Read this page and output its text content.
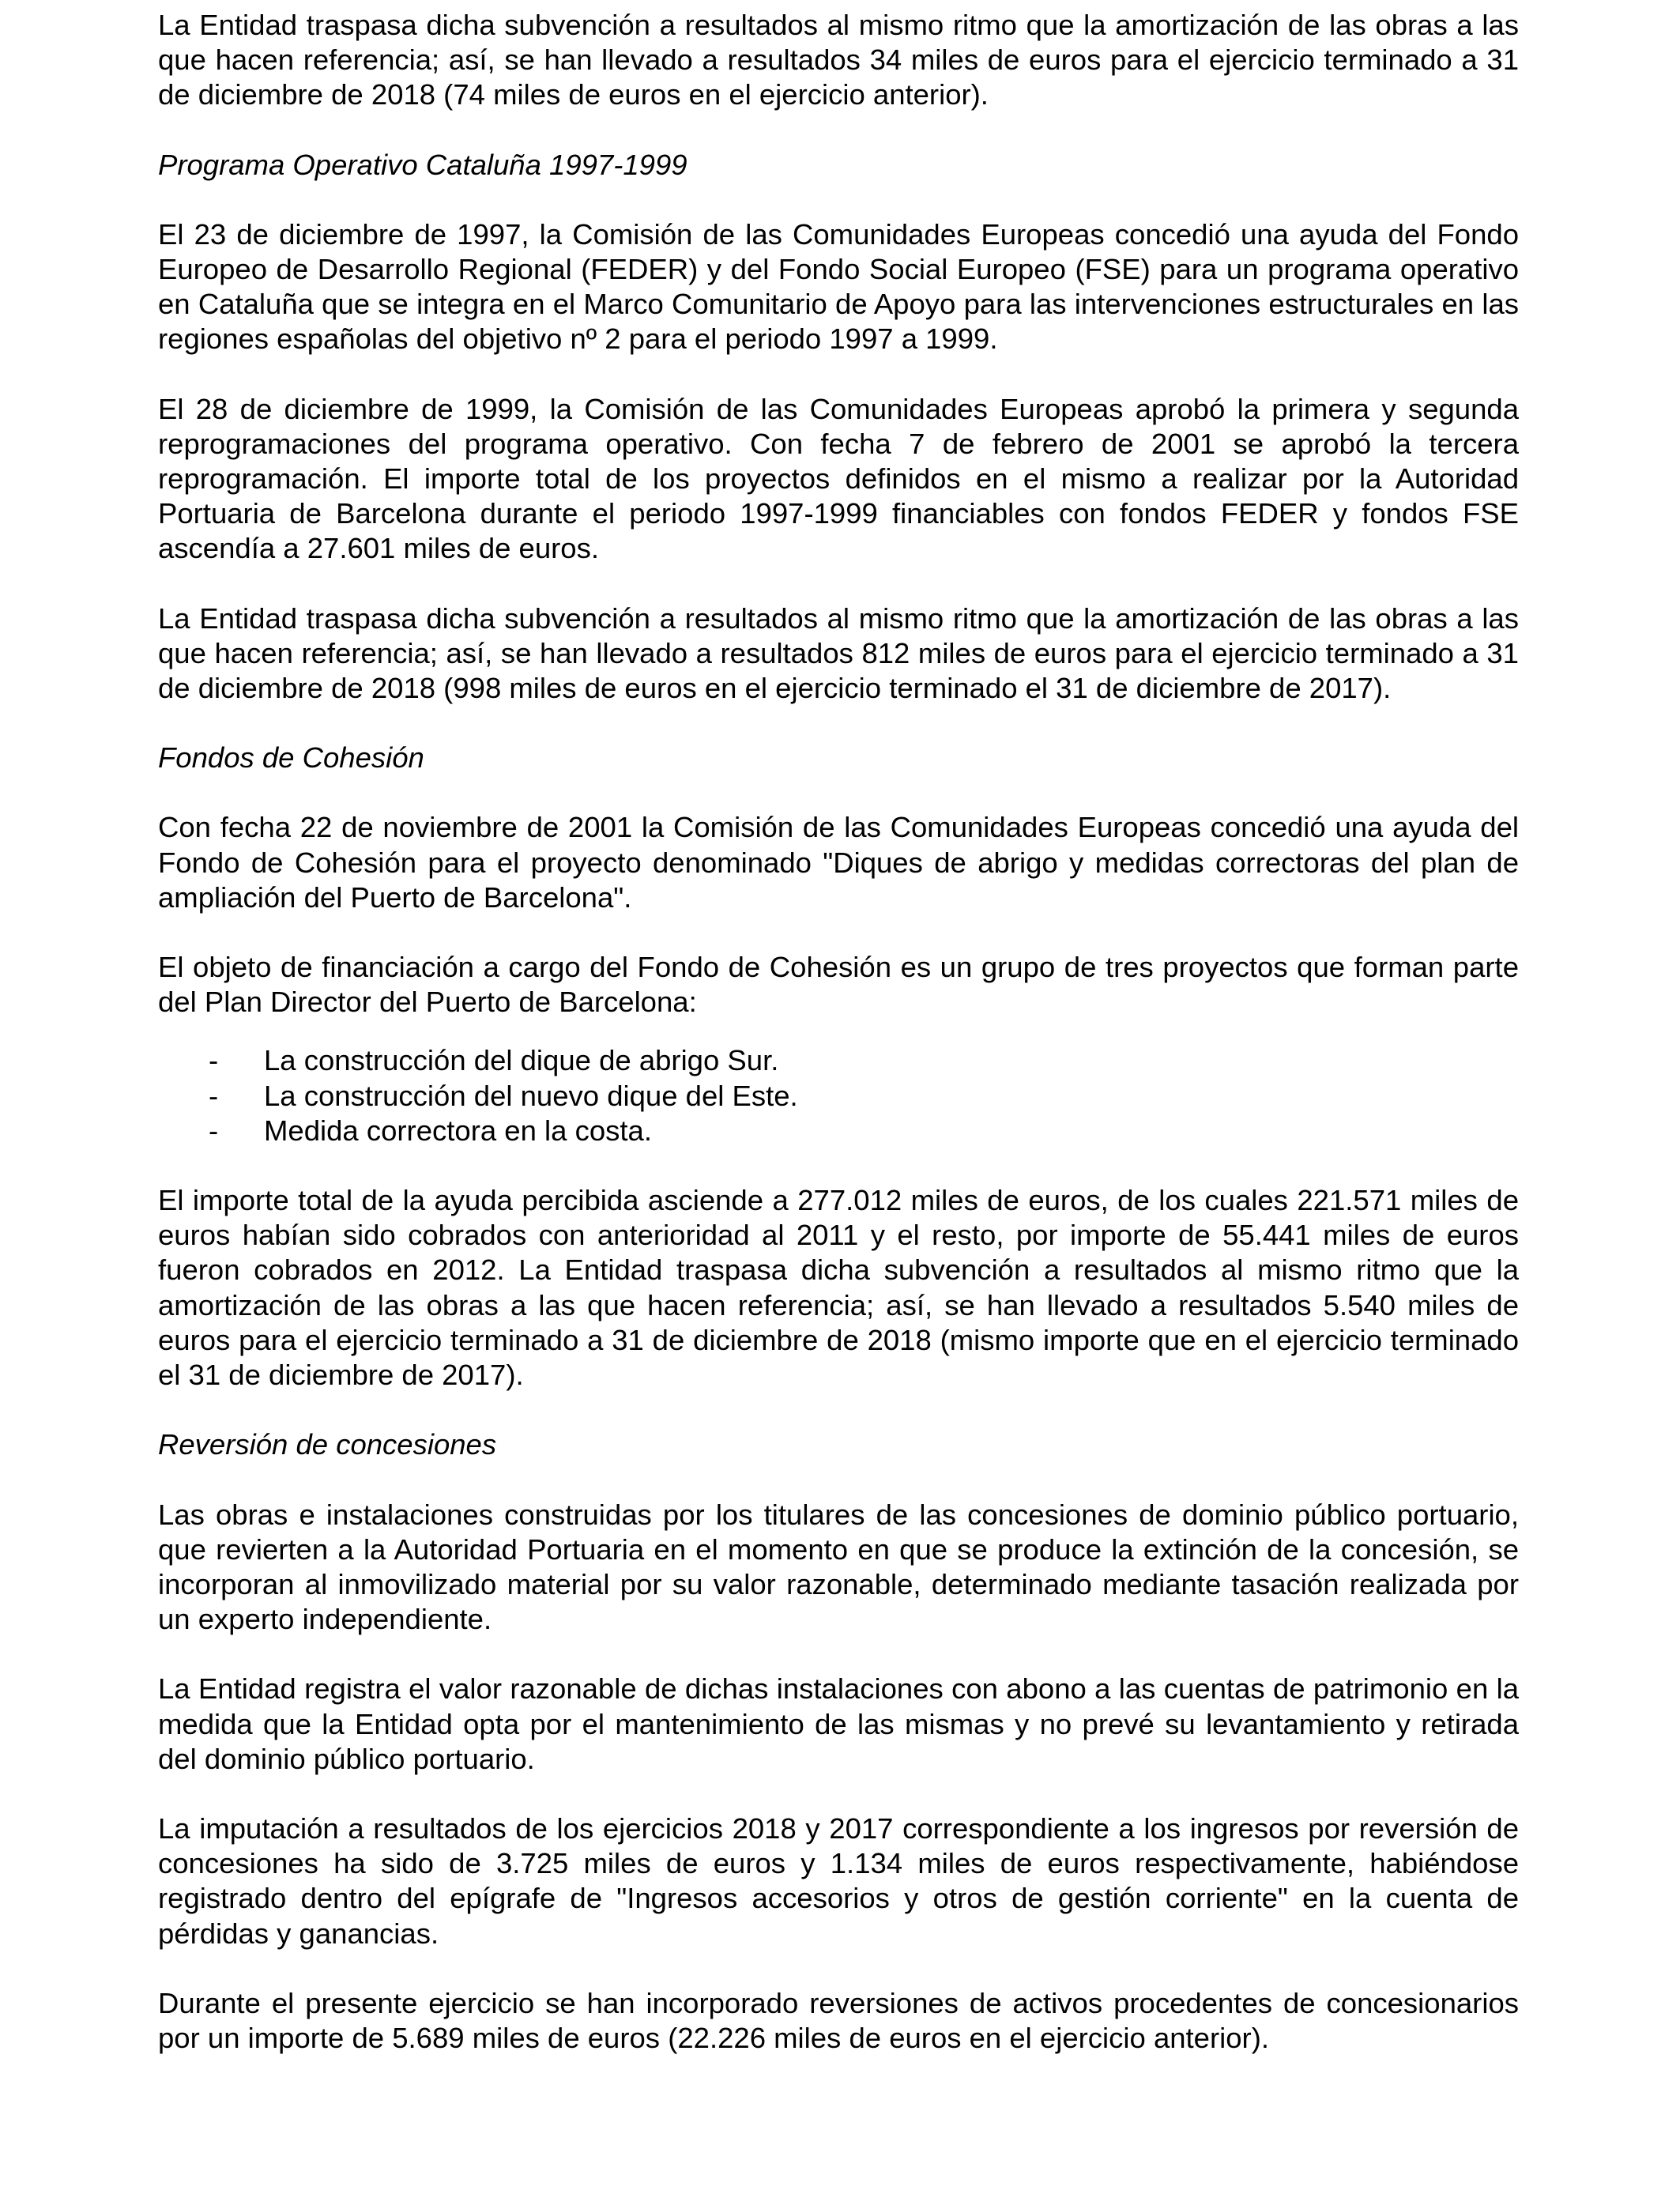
La Entidad traspasa dicha subvención a resultados al mismo ritmo que la amortización de las obras a las que hacen referencia; así, se han llevado a resultados 34 miles de euros para el ejercicio terminado a 31 de diciembre de 2018 (74 miles de euros en el ejercicio anterior).

Programa Operativo Cataluña 1997-1999

El 23 de diciembre de 1997, la Comisión de las Comunidades Europeas concedió una ayuda del Fondo Europeo de Desarrollo Regional (FEDER) y del Fondo Social Europeo (FSE) para un programa operativo en Cataluña que se integra en el Marco Comunitario de Apoyo para las intervenciones estructurales en las regiones españolas del objetivo nº 2 para el periodo 1997 a 1999.

El 28 de diciembre de 1999, la Comisión de las Comunidades Europeas aprobó la primera y segunda reprogramaciones del programa operativo. Con fecha 7 de febrero de 2001 se aprobó la tercera reprogramación. El importe total de los proyectos definidos en el mismo a realizar por la Autoridad Portuaria de Barcelona durante el periodo 1997-1999 financiables con fondos FEDER y fondos FSE ascendía a 27.601 miles de euros.

La Entidad traspasa dicha subvención a resultados al mismo ritmo que la amortización de las obras a las que hacen referencia; así, se han llevado a resultados 812 miles de euros para el ejercicio terminado a 31 de diciembre de 2018 (998 miles de euros en el ejercicio terminado el 31 de diciembre de 2017).

Fondos de Cohesión

Con fecha 22 de noviembre de 2001 la Comisión de las Comunidades Europeas concedió una ayuda del Fondo de Cohesión para el proyecto denominado "Diques de abrigo y medidas correctoras del plan de ampliación del Puerto de Barcelona".

El objeto de financiación a cargo del Fondo de Cohesión es un grupo de tres proyectos que forman parte del Plan Director del Puerto de Barcelona:

- La construcción del dique de abrigo Sur.
- La construcción del nuevo dique del Este.
- Medida correctora en la costa.

El importe total de la ayuda percibida asciende a 277.012 miles de euros, de los cuales 221.571 miles de euros habían sido cobrados con anterioridad al 2011 y el resto, por importe de 55.441 miles de euros fueron cobrados en 2012. La Entidad traspasa dicha subvención a resultados al mismo ritmo que la amortización de las obras a las que hacen referencia; así, se han llevado a resultados 5.540 miles de euros para el ejercicio terminado a 31 de diciembre de 2018 (mismo importe que en el ejercicio terminado el 31 de diciembre de 2017).

Reversión de concesiones

Las obras e instalaciones construidas por los titulares de las concesiones de dominio público portuario, que revierten a la Autoridad Portuaria en el momento en que se produce la extinción de la concesión, se incorporan al inmovilizado material por su valor razonable, determinado mediante tasación realizada por un experto independiente.

La Entidad registra el valor razonable de dichas instalaciones con abono a las cuentas de patrimonio en la medida que la Entidad opta por el mantenimiento de las mismas y no prevé su levantamiento y retirada del dominio público portuario.

La imputación a resultados de los ejercicios 2018 y 2017 correspondiente a los ingresos por reversión de concesiones ha sido de 3.725 miles de euros y 1.134 miles de euros respectivamente, habiéndose registrado dentro del epígrafe de "Ingresos accesorios y otros de gestión corriente" en la cuenta de pérdidas y ganancias.

Durante el presente ejercicio se han incorporado reversiones de activos procedentes de concesionarios por un importe de 5.689 miles de euros (22.226 miles de euros en el ejercicio anterior).
